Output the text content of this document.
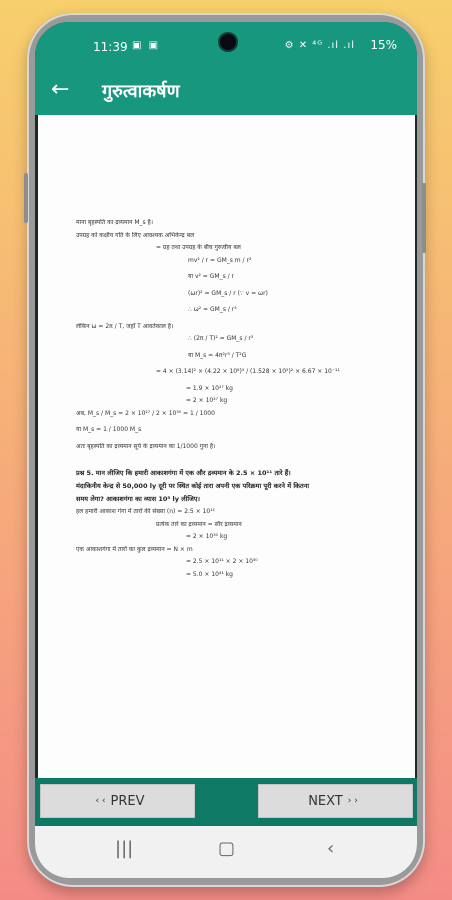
11:39 ▣ ▣	⚙ ✕ ⁴ᴳ .ıl .ıl 15%
← गुरुत्वाकर्षण
माना बृहस्पति का द्रव्यमान M_s है।
उपग्रह को कक्षीय गति के लिए आवश्यक अभिकेन्द्र बल
= ग्रह तथा उपग्रह के बीच गुरुत्वीय बल
mv² / r = GM_s m / r²
या v² = GM_s / r
(ωr)² = GM_s / r (∵ v = ωr)
∴ ω² = GM_s / r³
लेकिन ω = 2π / T, जहाँ T आवर्तकाल है।
∴ (2π / T)² = GM_s / r³
या M_s = 4π²r³ / T²G
= 4 × (3.14)² × (4.22 × 10⁸)³ / (1.528 × 10⁵)² × 6.67 × 10⁻¹¹
= 1.9 × 10²⁷ kg
= 2 × 10²⁷ kg
अब, M_s / M_s = 2 × 10²⁷ / 2 × 10³⁰ = 1 / 1000
या M_s = 1 / 1000 M_s
अतः बृहस्पति का द्रव्यमान सूर्य के द्रव्यमान का 1/1000 गुना है।
प्रश्न 5. मान लीजिए कि हमारी आकाशगंगा में एक और द्रव्यमान के 2.5 × 10¹¹ तारे हैं।
मंदाकिनीय केन्द्र से 50,000 ly दूरी पर स्थित कोई तारा अपनी एक परिक्रमा पूरी करने में कितना
समय लेगा? आकाशगंगा का व्यास 10⁵ ly लीजिए।
हल हमारी आकाश गंगा में तारों की संख्या (n) = 2.5 × 10¹¹
प्रत्येक तारे का द्रव्यमान = सौर द्रव्यमान
= 2 × 10³⁰ kg
एक आकाशगंगा में तारों का कुल द्रव्यमान = N × m
= 2.5 × 10¹¹ × 2 × 10³⁰
= 5.0 × 10⁴¹ kg
‹ ‹ PREV	NEXT › ›
|||	▢	‹
